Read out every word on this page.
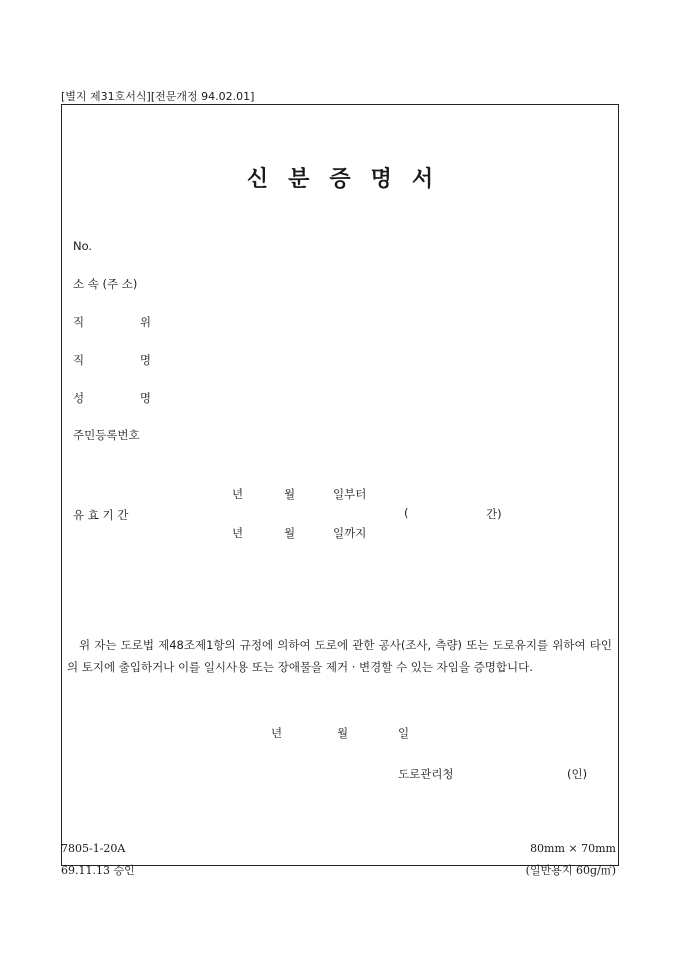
[별지 제31호서식][전문개정 94.02.01]
신분증명서
No.
소 속 (주 소)
직	위
직	명
성	명
주민등록번호
년	월	일부터
유 효 기 간	(	간)
년	월	일까지
위 자는 도로법 제48조제1항의 규정에 의하여 도로에 관한 공사(조사, 측량) 또는 도로유지를 위하여 타인의 토지에 출입하거나 이를 일시사용 또는 장애물을 제거 · 변경할 수 있는 자임을 증명합니다.
년	월	일
도로관리청	(인)
7805-1-20A
69.11.13 승인
80mm × 70mm
(일반용지 60g/㎡)
